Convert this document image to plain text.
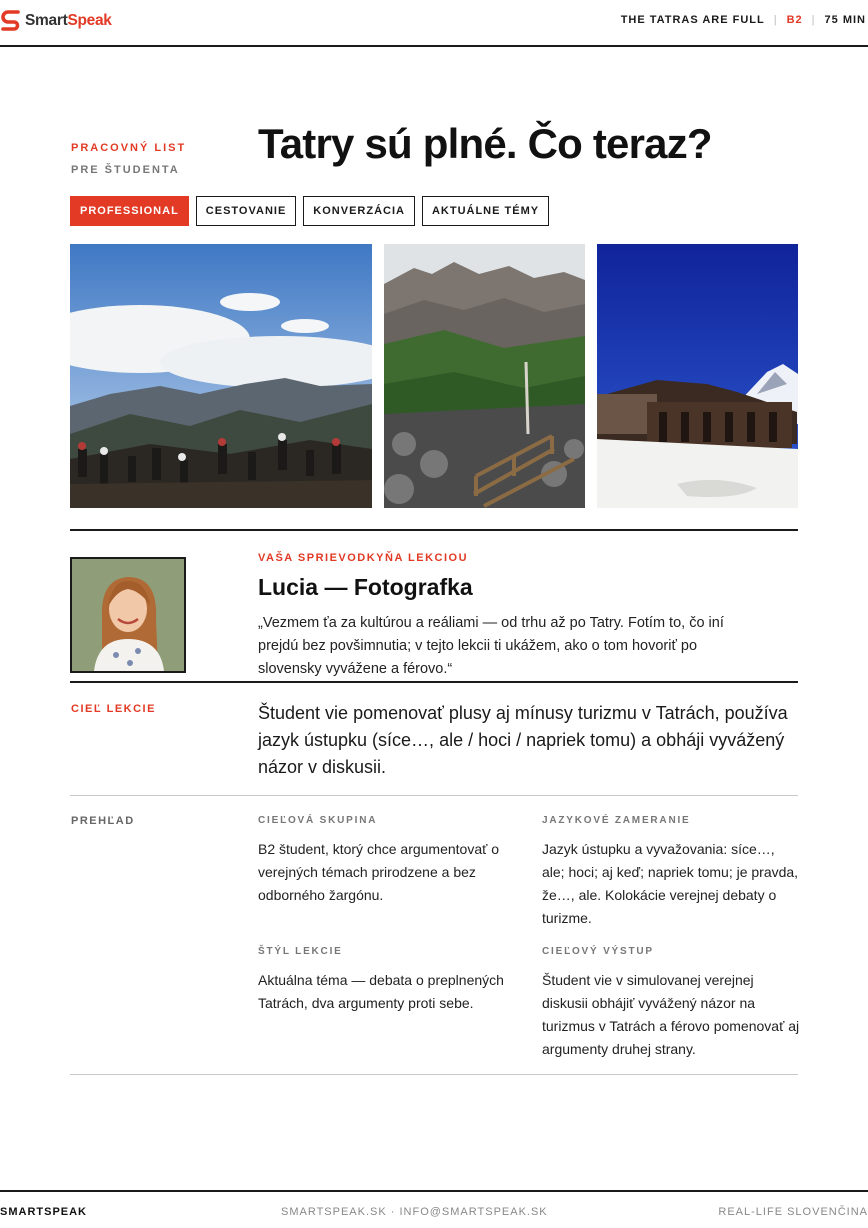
SmartSpeak	THE TATRAS ARE FULL | B2 | 75 MIN
PRACOVNÝ LIST
PRE ŠTUDENTA
Tatry sú plné. Čo teraz?
PROFESSIONAL	CESTOVANIE	KONVERZÁCIA	AKTUÁLNE TÉMY
VAŠA SPRIEVODKYŇA LEKCIOU
Lucia — Fotografka

„Vezmem ťa za kultúrou a reáliami — od trhu až po Tatry. Fotím to, čo iní prejdú bez povšimnutia; v tejto lekcii ti ukážem, ako o tom hovoriť po slovensky vyvážene a férovo.“

CIEĽ LEKCIE	Študent vie pomenovať plusy aj mínusy turizmu v Tatrách, používa jazyk ústupku (síce…, ale / hoci / napriek tomu) a obháji vyvážený názor v diskusii.

PREHĽAD	CIEĽOVÁ SKUPINA

B2 študent, ktorý chce argumentovať o verejných témach prirodzene a bez odborného žargónu.

JAZYKOVÉ ZAMERANIE

Jazyk ústupku a vyvažovania: síce…, ale; hoci; aj keď; napriek tomu; je pravda, že…, ale. Kolokácie verejnej debaty o turizme.

ŠTÝL LEKCIE

Aktuálna téma — debata o preplnených Tatrách, dva argumenty proti sebe.

CIEĽOVÝ VÝSTUP

Študent vie v simulovanej verejnej diskusii obhájiť vyvážený názor na turizmus v Tatrách a férovo pomenovať aj argumenty druhej strany.

SMARTSPEAK	SMARTSPEAK.SK · INFO@SMARTSPEAK.SK	REAL-LIFE SLOVENČINA
